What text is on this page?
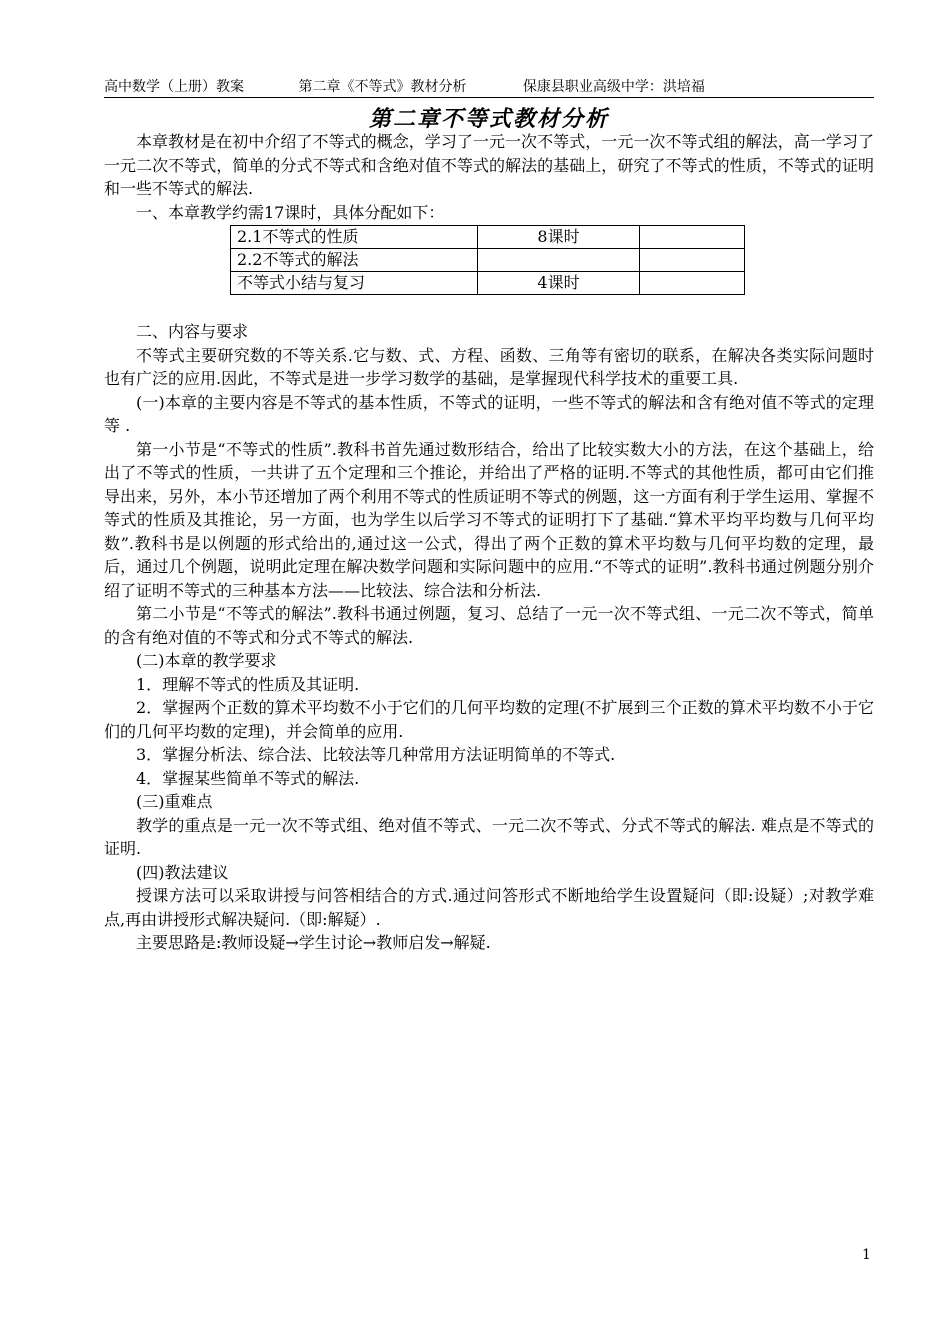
高中数学（上册）教案	第二章《不等式》教材分析	保康县职业高级中学：洪培福
第二章不等式教材分析

本章教材是在初中介绍了不等式的概念，学习了一元一次不等式，一元一次不等式组的解法，高一学习了一元二次不等式，简单的分式不等式和含绝对值不等式的解法的基础上，研究了不等式的性质，不等式的证明和一些不等式的解法.

一、本章教学约需17课时，具体分配如下：

2.1不等式的性质	8课时	
2.2不等式的解法		
不等式小结与复习	4课时	

二、内容与要求

不等式主要研究数的不等关系.它与数、式、方程、函数、三角等有密切的联系，在解决各类实际问题时也有广泛的应用.因此，不等式是进一步学习数学的基础，是掌握现代科学技术的重要工具.

(一)本章的主要内容是不等式的基本性质，不等式的证明，一些不等式的解法和含有绝对值不等式的定理等 .

第一小节是“不等式的性质”.教科书首先通过数形结合，给出了比较实数大小的方法，在这个基础上，给出了不等式的性质，一共讲了五个定理和三个推论，并给出了严格的证明.不等式的其他性质，都可由它们推导出来，另外，本小节还增加了两个利用不等式的性质证明不等式的例题，这一方面有利于学生运用、掌握不等式的性质及其推论，另一方面，也为学生以后学习不等式的证明打下了基础.“算术平均平均数与几何平均数”.教科书是以例题的形式给出的,通过这一公式，得出了两个正数的算术平均数与几何平均数的定理，最后，通过几个例题，说明此定理在解决数学问题和实际问题中的应用.“不等式的证明”.教科书通过例题分别介绍了证明不等式的三种基本方法——比较法、综合法和分析法.

第二小节是“不等式的解法”.教科书通过例题，复习、总结了一元一次不等式组、一元二次不等式，简单的含有绝对值的不等式和分式不等式的解法.

(二)本章的教学要求

1．理解不等式的性质及其证明.

2．掌握两个正数的算术平均数不小于它们的几何平均数的定理(不扩展到三个正数的算术平均数不小于它们的几何平均数的定理)，并会简单的应用.

3．掌握分析法、综合法、比较法等几种常用方法证明简单的不等式.

4．掌握某些简单不等式的解法.

(三)重难点

教学的重点是一元一次不等式组、绝对值不等式、一元二次不等式、分式不等式的解法. 难点是不等式的证明.

(四)教法建议

授课方法可以采取讲授与问答相结合的方式.通过问答形式不断地给学生设置疑问（即:设疑）;对教学难点,再由讲授形式解决疑问.（即:解疑）.

主要思路是:教师设疑→学生讨论→教师启发→解疑.

1
